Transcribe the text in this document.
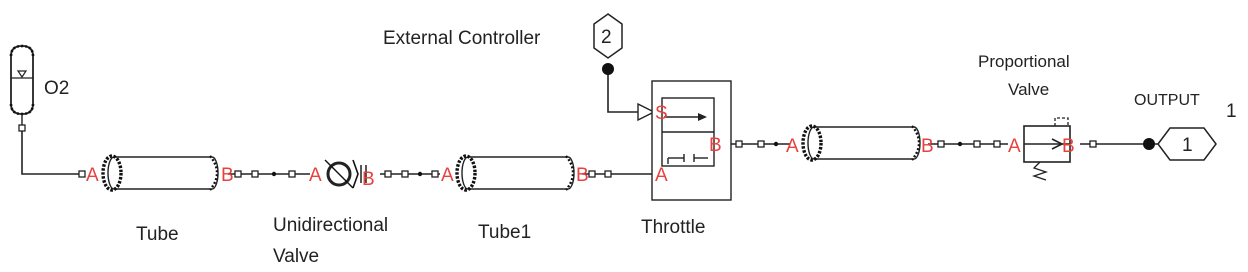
O2
A	B
Tube
A B
Unidirectional
Valve
A	B
Tube1
External Controller	2
S
A
B
Throttle
A	B
Proportional
Valve
A B
OUTPUT
1
1
